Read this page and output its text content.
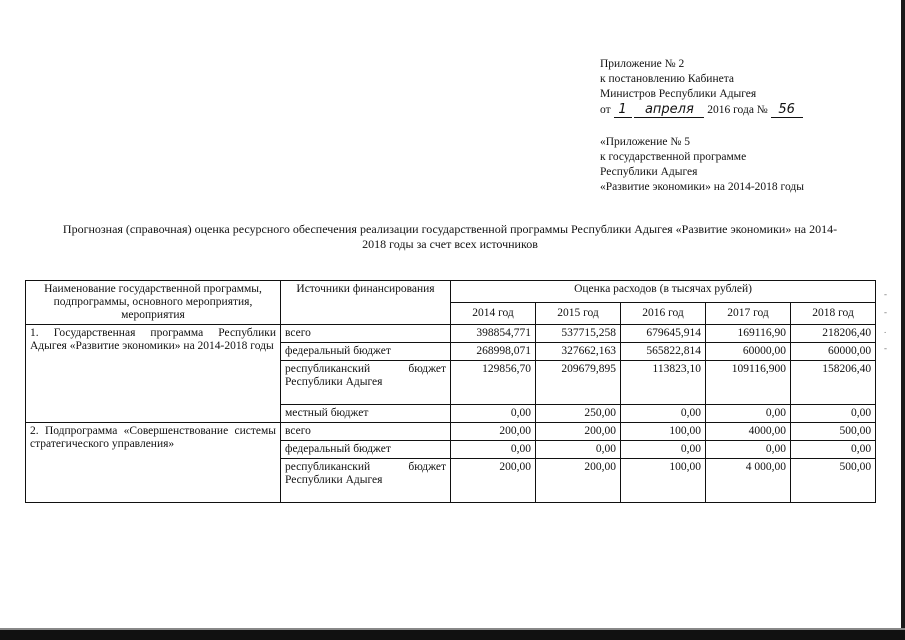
Приложение № 2
к постановлению Кабинета
Министров Республики Адыгея
от 1 апреля 2016 года № 56
«Приложение № 5
к государственной программе
Республики Адыгея
«Развитие экономики» на 2014-2018 годы
Прогнозная (справочная) оценка ресурсного обеспечения реализации государственной программы Республики Адыгея «Развитие экономики» на 2014-2018 годы за счет всех источников
Наименование государственной программы, подпрограммы, основного мероприятия, мероприятия	Источники финансирования	Оценка расходов (в тысячах рублей)				
		2014 год	2015 год	2016 год	2017 год	2018 год
1. Государственная программа Республики Адыгея «Развитие экономики» на 2014-2018 годы	всего	398854,771	537715,258	679645,914	169116,90	218206,40
	федеральный бюджет	268998,071	327662,163	565822,814	60000,00	60000,00
	республиканский бюджет Республики Адыгея	129856,70	209679,895	113823,10	109116,900	158206,40
	местный бюджет	0,00	250,00	0,00	0,00	0,00
2. Подпрограмма «Совершенствование системы стратегического управления»	всего	200,00	200,00	100,00	4000,00	500,00
	федеральный бюджет	0,00	0,00	0,00	0,00	0,00
	республиканский бюджет Республики Адыгея	200,00	200,00	100,00	4 000,00	500,00
-
-
.
-
